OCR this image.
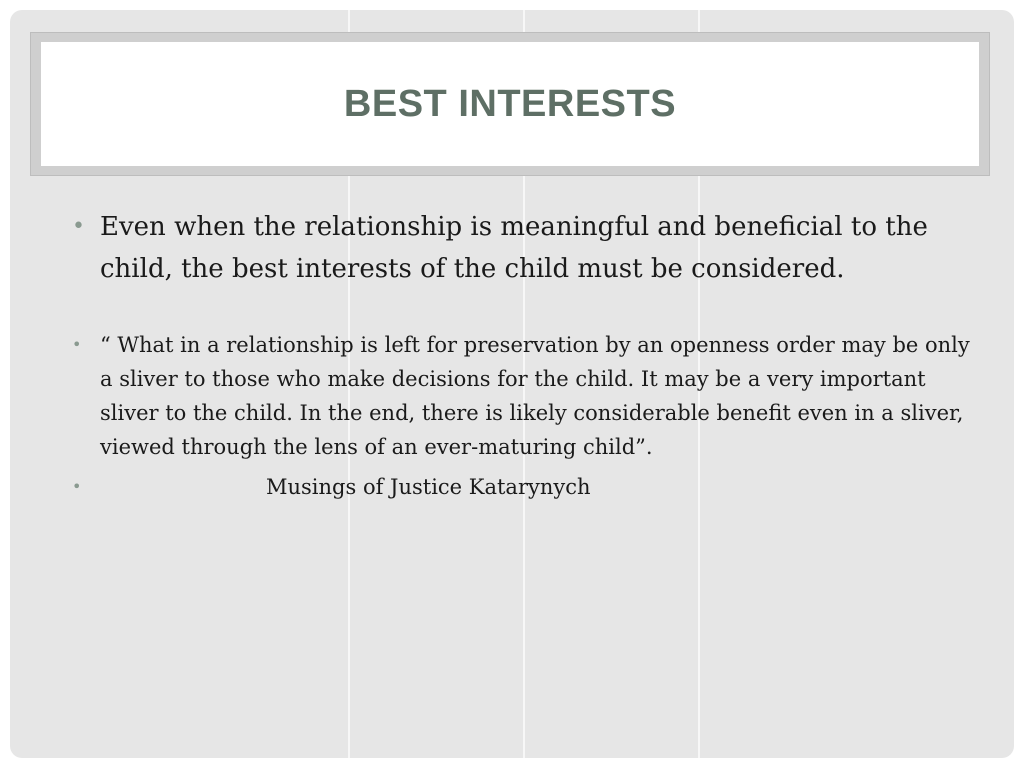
BEST INTERESTS
• Even when the relationship is meaningful and beneficial to the child, the best interests of the child must be considered.
• “ What in a relationship is left for preservation by an openness order may be only a sliver to those who make decisions for the child. It may be a very important sliver to the child. In the end, there is likely considerable benefit even in a sliver, viewed through the lens of an ever-maturing child”.
•	Musings of Justice Katarynych
